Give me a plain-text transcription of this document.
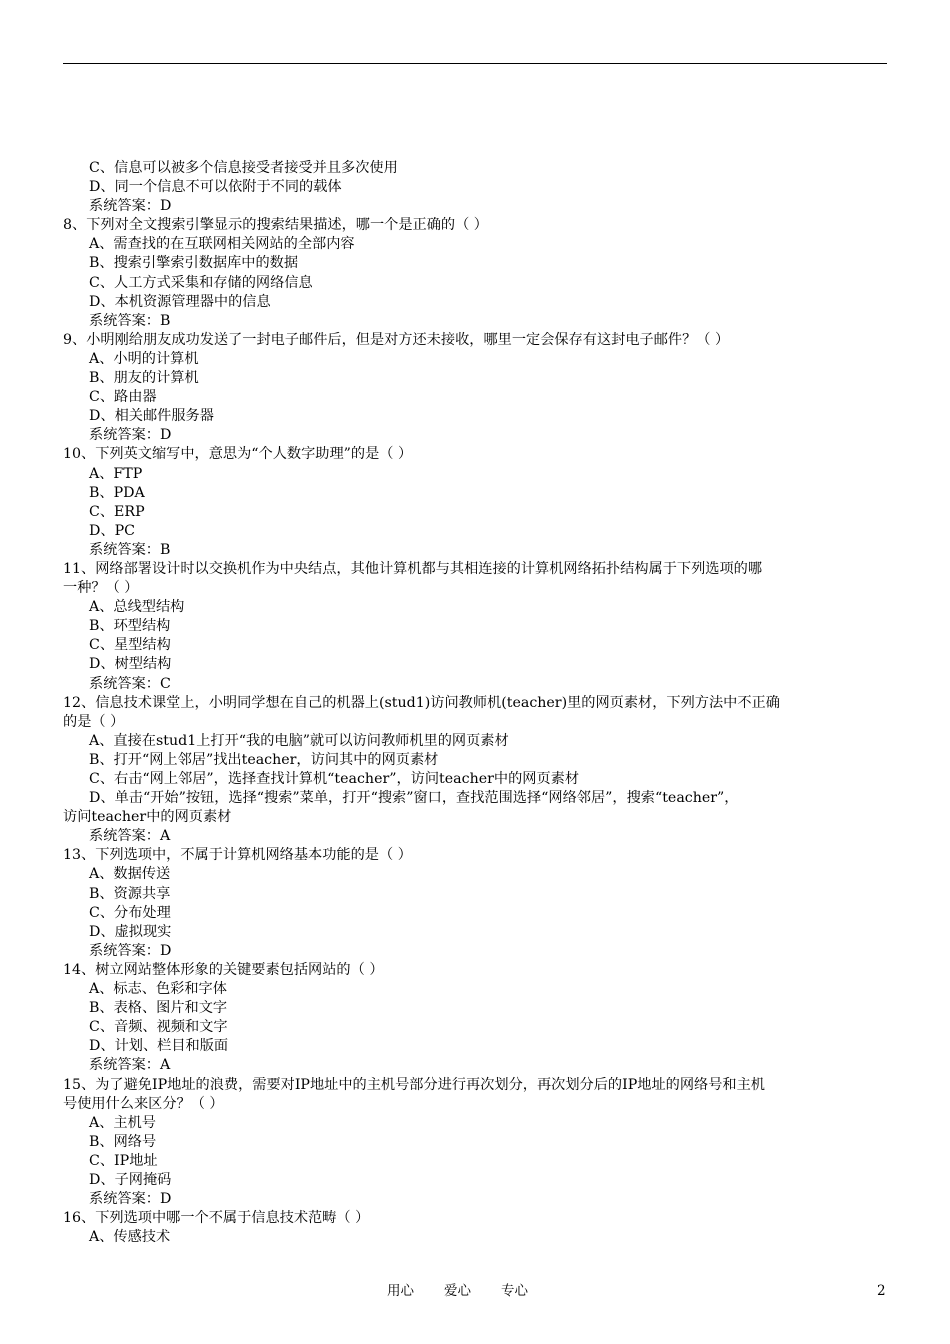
C、信息可以被多个信息接受者接受并且多次使用
D、同一个信息不可以依附于不同的载体
系统答案：D
8、下列对全文搜索引擎显示的搜索结果描述，哪一个是正确的（ ）
A、需查找的在互联网相关网站的全部内容
B、搜索引擎索引数据库中的数据
C、人工方式采集和存储的网络信息
D、本机资源管理器中的信息
系统答案：B
9、小明刚给朋友成功发送了一封电子邮件后，但是对方还未接收，哪里一定会保存有这封电子邮件？（ ）
A、小明的计算机
B、朋友的计算机
C、路由器
D、相关邮件服务器
系统答案：D
10、下列英文缩写中，意思为“个人数字助理”的是（ ）
A、FTP
B、PDA
C、ERP
D、PC
系统答案：B
11、网络部署设计时以交换机作为中央结点，其他计算机都与其相连接的计算机网络拓扑结构属于下列选项的哪
一种？（ ）
A、总线型结构
B、环型结构
C、星型结构
D、树型结构
系统答案：C
12、信息技术课堂上，小明同学想在自己的机器上(stud1)访问教师机(teacher)里的网页素材，下列方法中不正确
的是（ ）
A、直接在stud1上打开“我的电脑”就可以访问教师机里的网页素材
B、打开“网上邻居”找出teacher，访问其中的网页素材
C、右击“网上邻居”，选择查找计算机“teacher”，访问teacher中的网页素材
D、单击“开始”按钮，选择“搜索”菜单，打开“搜索”窗口，查找范围选择“网络邻居”，搜索“teacher”，
访问teacher中的网页素材
系统答案：A
13、下列选项中，不属于计算机网络基本功能的是（ ）
A、数据传送
B、资源共享
C、分布处理
D、虚拟现实
系统答案：D
14、树立网站整体形象的关键要素包括网站的（ ）
A、标志、色彩和字体
B、表格、图片和文字
C、音频、视频和文字
D、计划、栏目和版面
系统答案：A
15、为了避免IP地址的浪费，需要对IP地址中的主机号部分进行再次划分，再次划分后的IP地址的网络号和主机
号使用什么来区分？（ ）
A、主机号
B、网络号
C、IP地址
D、子网掩码
系统答案：D
16、下列选项中哪一个不属于信息技术范畴（ ）
A、传感技术
用心 爱心 专心	2
